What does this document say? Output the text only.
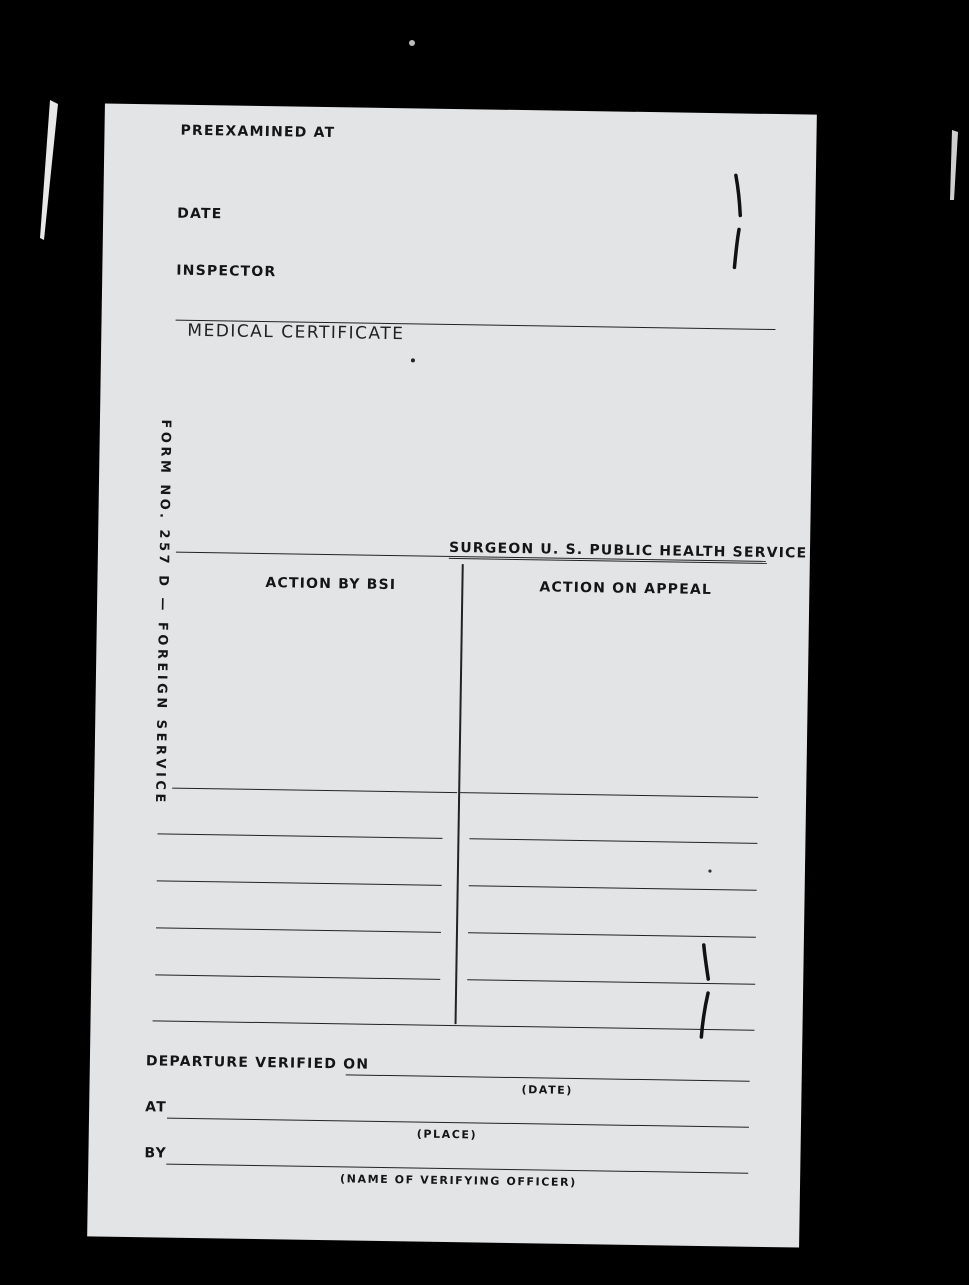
PREEXAMINED AT
DATE
INSPECTOR
MEDICAL CERTIFICATE
SURGEON U. S. PUBLIC HEALTH SERVICE
FORM NO. 257 D — FOREIGN SERVICE	ACTION BY BSI	ACTION ON APPEAL
DEPARTURE VERIFIED ON
(DATE)
AT
(PLACE)
BY
(NAME OF VERIFYING OFFICER)
